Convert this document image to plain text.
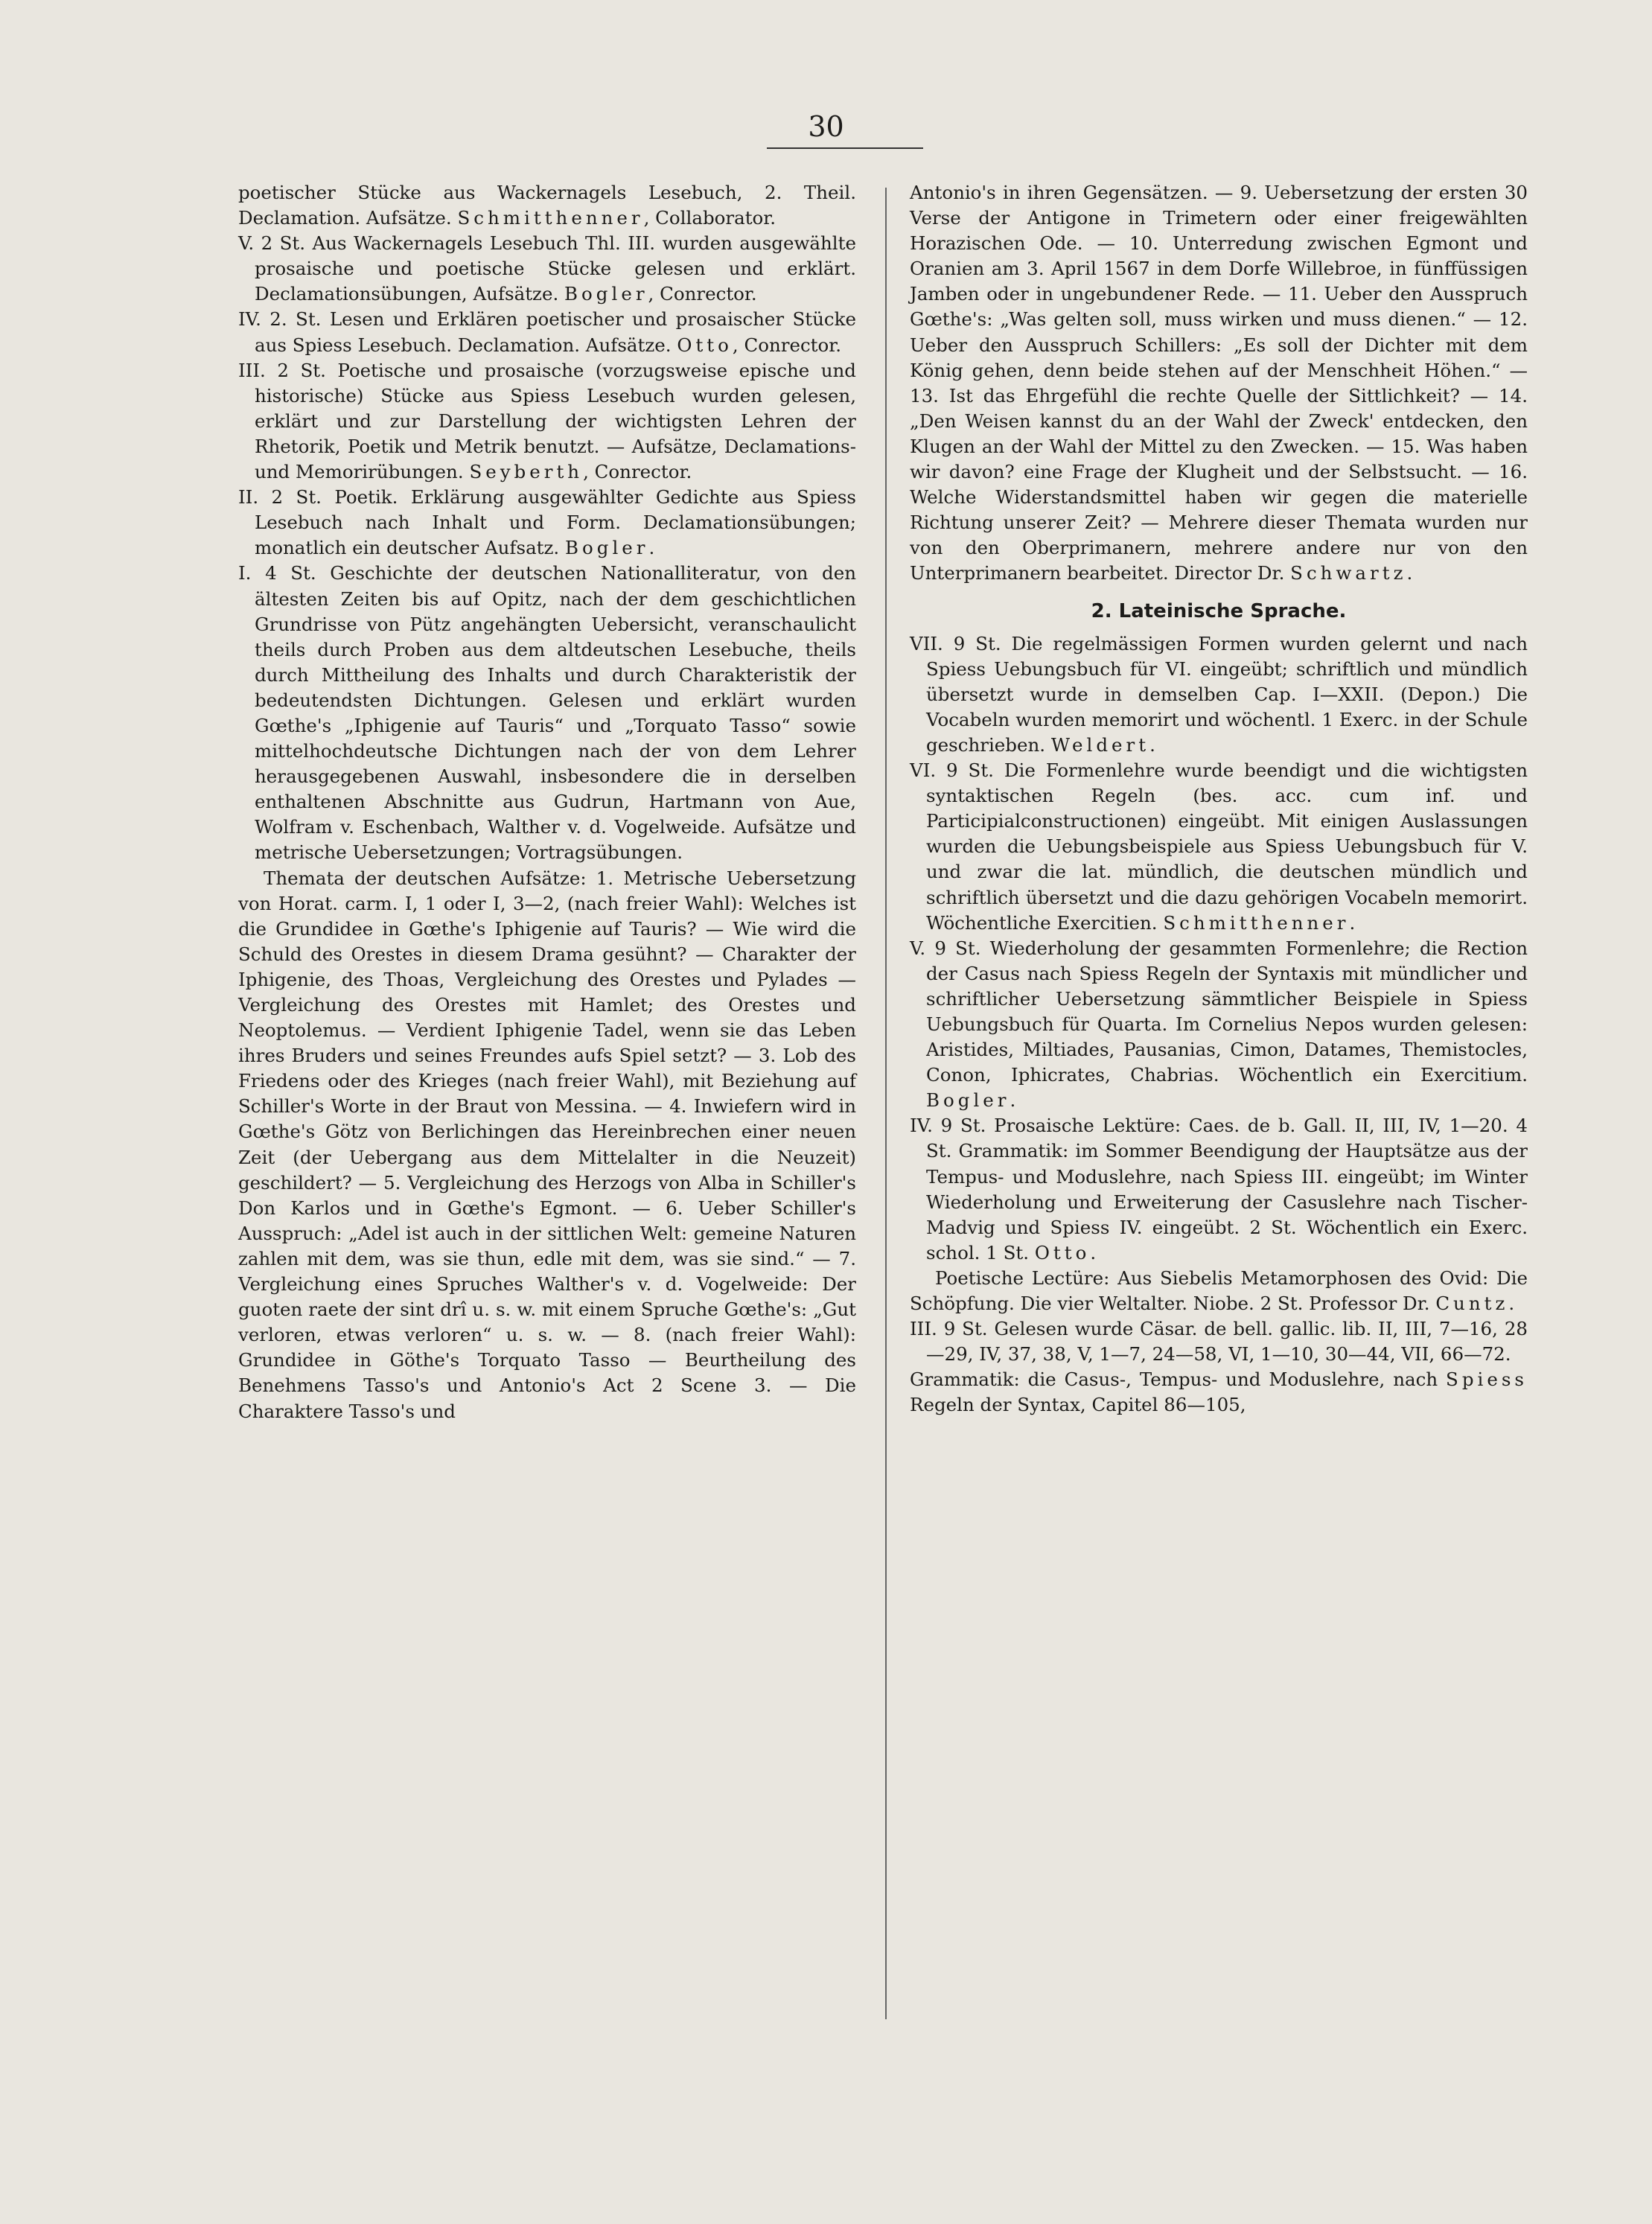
30

poetischer Stücke aus Wackernagels Lesebuch, 2. Theil. Declamation. Aufsätze. Schmitthenner, Collaborator.

V. 2 St. Aus Wackernagels Lesebuch Thl. III. wurden ausgewählte prosaische und poetische Stücke gelesen und erklärt. Declamationsübungen, Aufsätze. Bogler, Conrector.

IV. 2. St. Lesen und Erklären poetischer und prosaischer Stücke aus Spiess Lesebuch. Declamation. Aufsätze. Otto, Conrector.

III. 2 St. Poetische und prosaische (vorzugsweise epische und historische) Stücke aus Spiess Lesebuch wurden gelesen, erklärt und zur Darstellung der wichtigsten Lehren der Rhetorik, Poetik und Metrik benutzt. — Aufsätze, Declamations- und Memorirübungen. Seyberth, Conrector.

II. 2 St. Poetik. Erklärung ausgewählter Gedichte aus Spiess Lesebuch nach Inhalt und Form. Declamationsübungen; monatlich ein deutscher Aufsatz. Bogler.

I. 4 St. Geschichte der deutschen Nationalliteratur, von den ältesten Zeiten bis auf Opitz, nach der dem geschichtlichen Grundrisse von Pütz angehängten Uebersicht, veranschaulicht theils durch Proben aus dem altdeutschen Lesebuche, theils durch Mittheilung des Inhalts und durch Charakteristik der bedeutendsten Dichtungen. Gelesen und erklärt wurden Gœthe's „Iphigenie auf Tauris“ und „Torquato Tasso“ sowie mittelhochdeutsche Dichtungen nach der von dem Lehrer herausgegebenen Auswahl, insbesondere die in derselben enthaltenen Abschnitte aus Gudrun, Hartmann von Aue, Wolfram v. Eschenbach, Walther v. d. Vogelweide. Aufsätze und metrische Uebersetzungen; Vortragsübungen.

Themata der deutschen Aufsätze: 1. Metrische Uebersetzung von Horat. carm. I, 1 oder I, 3—2, (nach freier Wahl): Welches ist die Grundidee in Gœthe's Iphigenie auf Tauris? — Wie wird die Schuld des Orestes in diesem Drama gesühnt? — Charakter der Iphigenie, des Thoas, Vergleichung des Orestes und Pylades — Vergleichung des Orestes mit Hamlet; des Orestes und Neoptolemus. — Verdient Iphigenie Tadel, wenn sie das Leben ihres Bruders und seines Freundes aufs Spiel setzt? — 3. Lob des Friedens oder des Krieges (nach freier Wahl), mit Beziehung auf Schiller's Worte in der Braut von Messina. — 4. Inwiefern wird in Gœthe's Götz von Berlichingen das Hereinbrechen einer neuen Zeit (der Uebergang aus dem Mittelalter in die Neuzeit) geschildert? — 5. Vergleichung des Herzogs von Alba in Schiller's Don Karlos und in Gœthe's Egmont. — 6. Ueber Schiller's Ausspruch: „Adel ist auch in der sittlichen Welt: gemeine Naturen zahlen mit dem, was sie thun, edle mit dem, was sie sind.“ — 7. Vergleichung eines Spruches Walther's v. d. Vogelweide: Der guoten raete der sint drî u. s. w. mit einem Spruche Gœthe's: „Gut verloren, etwas verloren“ u. s. w. — 8. (nach freier Wahl): Grundidee in Göthe's Torquato Tasso — Beurtheilung des Benehmens Tasso's und Antonio's Act 2 Scene 3. — Die Charaktere Tasso's und

Antonio's in ihren Gegensätzen. — 9. Uebersetzung der ersten 30 Verse der Antigone in Trimetern oder einer freigewählten Horazischen Ode. — 10. Unterredung zwischen Egmont und Oranien am 3. April 1567 in dem Dorfe Willebroe, in fünffüssigen Jamben oder in ungebundener Rede. — 11. Ueber den Ausspruch Gœthe's: „Was gelten soll, muss wirken und muss dienen.“ — 12. Ueber den Ausspruch Schillers: „Es soll der Dichter mit dem König gehen, denn beide stehen auf der Menschheit Höhen.“ — 13. Ist das Ehrgefühl die rechte Quelle der Sittlichkeit? — 14. „Den Weisen kannst du an der Wahl der Zweck' entdecken, den Klugen an der Wahl der Mittel zu den Zwecken. — 15. Was haben wir davon? eine Frage der Klugheit und der Selbstsucht. — 16. Welche Widerstandsmittel haben wir gegen die materielle Richtung unserer Zeit? — Mehrere dieser Themata wurden nur von den Oberprimanern, mehrere andere nur von den Unterprimanern bearbeitet. Director Dr. Schwartz.

2. Lateinische Sprache.

VII. 9 St. Die regelmässigen Formen wurden gelernt und nach Spiess Uebungsbuch für VI. eingeübt; schriftlich und mündlich übersetzt wurde in demselben Cap. I—XXII. (Depon.) Die Vocabeln wurden memorirt und wöchentl. 1 Exerc. in der Schule geschrieben. Weldert.

VI. 9 St. Die Formenlehre wurde beendigt und die wichtigsten syntaktischen Regeln (bes. acc. cum inf. und Participialconstructionen) eingeübt. Mit einigen Auslassungen wurden die Uebungsbeispiele aus Spiess Uebungsbuch für V. und zwar die lat. mündlich, die deutschen mündlich und schriftlich übersetzt und die dazu gehörigen Vocabeln memorirt. Wöchentliche Exercitien. Schmitthenner.

V. 9 St. Wiederholung der gesammten Formenlehre; die Rection der Casus nach Spiess Regeln der Syntaxis mit mündlicher und schriftlicher Uebersetzung sämmtlicher Beispiele in Spiess Uebungsbuch für Quarta. Im Cornelius Nepos wurden gelesen: Aristides, Miltiades, Pausanias, Cimon, Datames, Themistocles, Conon, Iphicrates, Chabrias. Wöchentlich ein Exercitium. Bogler.

IV. 9 St. Prosaische Lektüre: Caes. de b. Gall. II, III, IV, 1—20. 4 St. Grammatik: im Sommer Beendigung der Hauptsätze aus der Tempus- und Moduslehre, nach Spiess III. eingeübt; im Winter Wiederholung und Erweiterung der Casuslehre nach Tischer-Madvig und Spiess IV. eingeübt. 2 St. Wöchentlich ein Exerc. schol. 1 St. Otto.

Poetische Lectüre: Aus Siebelis Metamorphosen des Ovid: Die Schöpfung. Die vier Weltalter. Niobe. 2 St. Professor Dr. Cuntz.

III. 9 St. Gelesen wurde Cäsar. de bell. gallic. lib. II, III, 7—16, 28—29, IV, 37, 38, V, 1—7, 24—58, VI, 1—10, 30—44, VII, 66—72.

Grammatik: die Casus-, Tempus- und Moduslehre, nach Spiess Regeln der Syntax, Capitel 86—105,
